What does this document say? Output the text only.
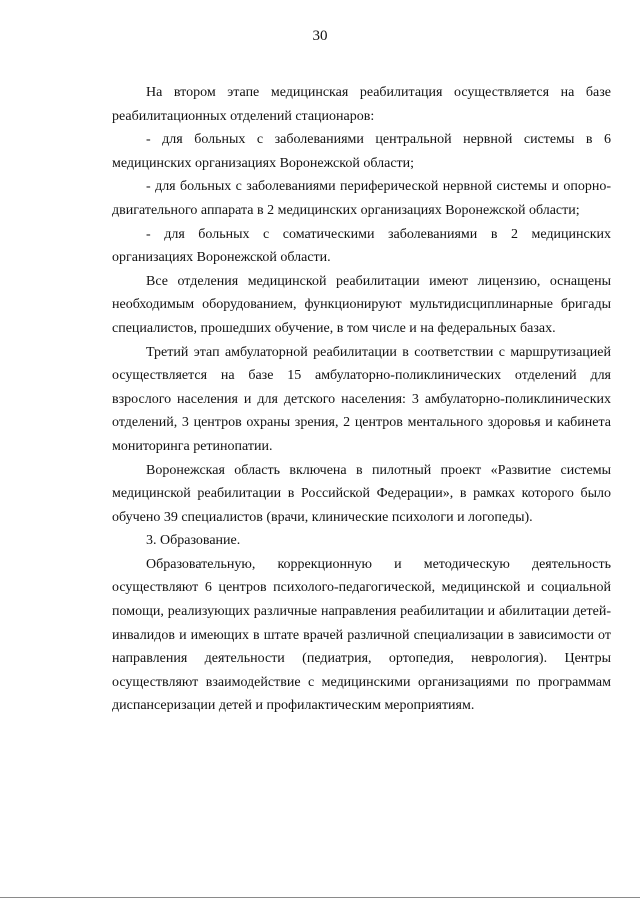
30

На втором этапе медицинская реабилитация осуществляется на базе реабилитационных отделений стационаров:

- для больных с заболеваниями центральной нервной системы в 6 медицинских организациях Воронежской области;

- для больных с заболеваниями периферической нервной системы и опорно-двигательного аппарата в 2 медицинских организациях Воронежской области;

- для больных с соматическими заболеваниями в 2 медицинских организациях Воронежской области.

Все отделения медицинской реабилитации имеют лицензию, оснащены необходимым оборудованием, функционируют мультидисциплинарные бригады специалистов, прошедших обучение, в том числе и на федеральных базах.

Третий этап амбулаторной реабилитации в соответствии с маршрутизацией осуществляется на базе 15 амбулаторно-поликлинических отделений для взрослого населения и для детского населения: 3 амбулаторно-поликлинических отделений, 3 центров охраны зрения, 2 центров ментального здоровья и кабинета мониторинга ретинопатии.

Воронежская область включена в пилотный проект «Развитие системы медицинской реабилитации в Российской Федерации», в рамках которого было обучено 39 специалистов (врачи, клинические психологи и логопеды).

3. Образование.

Образовательную, коррекционную и методическую деятельность осуществляют 6 центров психолого-педагогической, медицинской и социальной помощи, реализующих различные направления реабилитации и абилитации детей-инвалидов и имеющих в штате врачей различной специализации в зависимости от направления деятельности (педиатрия, ортопедия, неврология). Центры осуществляют взаимодействие с медицинскими организациями по программам диспансеризации детей и профилактическим мероприятиям.
